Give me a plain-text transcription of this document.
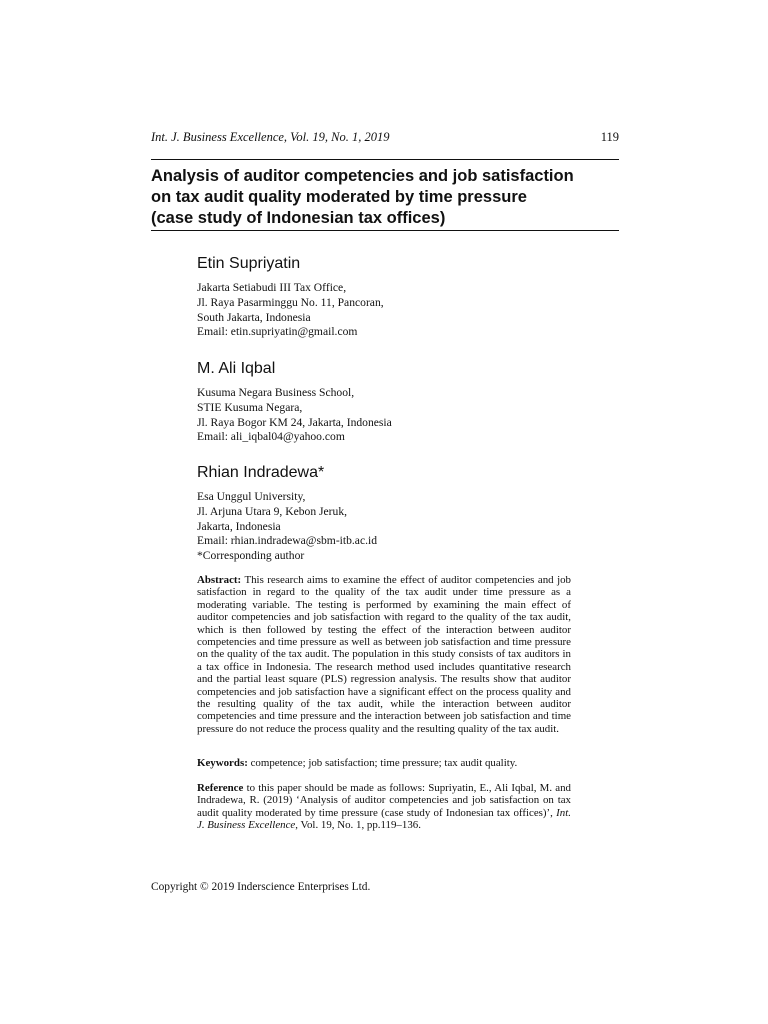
Int. J. Business Excellence, Vol. 19, No. 1, 2019	119
Analysis of auditor competencies and job satisfaction
on tax audit quality moderated by time pressure
(case study of Indonesian tax offices)
Etin Supriyatin
Jakarta Setiabudi III Tax Office,
Jl. Raya Pasarminggu No. 11, Pancoran,
South Jakarta, Indonesia
Email: etin.supriyatin@gmail.com
M. Ali Iqbal
Kusuma Negara Business School,
STIE Kusuma Negara,
Jl. Raya Bogor KM 24, Jakarta, Indonesia
Email: ali_iqbal04@yahoo.com
Rhian Indradewa*
Esa Unggul University,
Jl. Arjuna Utara 9, Kebon Jeruk,
Jakarta, Indonesia
Email: rhian.indradewa@sbm-itb.ac.id
*Corresponding author
Abstract: This research aims to examine the effect of auditor competencies and job satisfaction in regard to the quality of the tax audit under time pressure as a moderating variable. The testing is performed by examining the main effect of auditor competencies and job satisfaction with regard to the quality of the tax audit, which is then followed by testing the effect of the interaction between auditor competencies and time pressure as well as between job satisfaction and time pressure on the quality of the tax audit. The population in this study consists of tax auditors in a tax office in Indonesia. The research method used includes quantitative research and the partial least square (PLS) regression analysis. The results show that auditor competencies and job satisfaction have a significant effect on the process quality and the resulting quality of the tax audit, while the interaction between auditor competencies and time pressure and the interaction between job satisfaction and time pressure do not reduce the process quality and the resulting quality of the tax audit.
Keywords: competence; job satisfaction; time pressure; tax audit quality.
Reference to this paper should be made as follows: Supriyatin, E., Ali Iqbal, M. and Indradewa, R. (2019) ‘Analysis of auditor competencies and job satisfaction on tax audit quality moderated by time pressure (case study of Indonesian tax offices)’, Int. J. Business Excellence, Vol. 19, No. 1, pp.119–136.
Copyright © 2019 Inderscience Enterprises Ltd.
